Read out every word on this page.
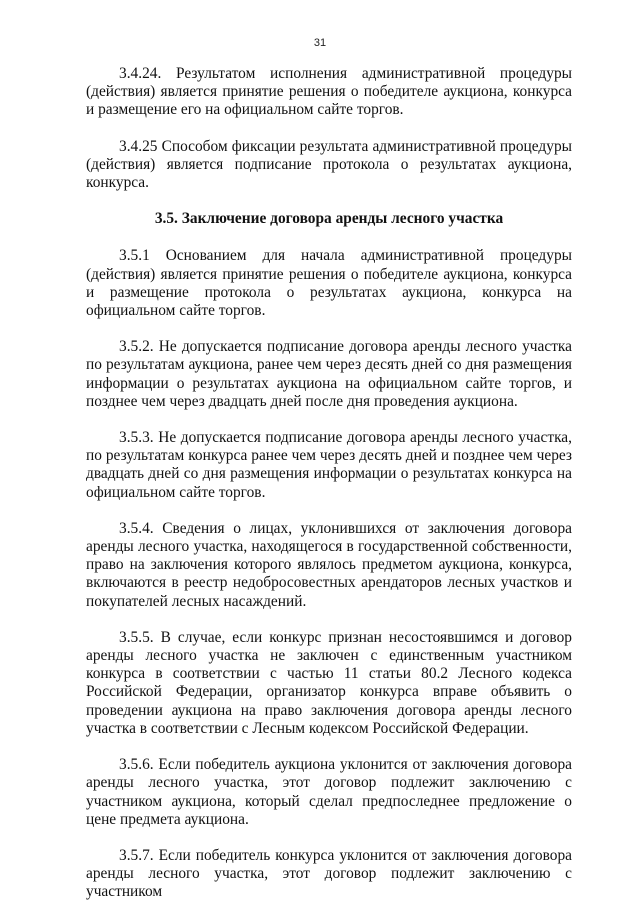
31

3.4.24. Результатом исполнения административной процедуры (действия) является принятие решения о победителе аукциона, конкурса и размещение его на официальном сайте торгов.

3.4.25 Способом фиксации результата административной процедуры (действия) является подписание протокола о результатах аукциона, конкурса.

3.5. Заключение договора аренды лесного участка

3.5.1 Основанием для начала административной процедуры (действия) является принятие решения о победителе аукциона, конкурса и размещение протокола о результатах аукциона, конкурса на официальном сайте торгов.

3.5.2. Не допускается подписание договора аренды лесного участка по результатам аукциона, ранее чем через десять дней со дня размещения информации о результатах аукциона на официальном сайте торгов, и позднее чем через двадцать дней после дня проведения аукциона.

3.5.3. Не допускается подписание договора аренды лесного участка, по результатам конкурса ранее чем через десять дней и позднее чем через двадцать дней со дня размещения информации о результатах конкурса на официальном сайте торгов.

3.5.4. Сведения о лицах, уклонившихся от заключения договора аренды лесного участка, находящегося в государственной собственности, право на заключения которого являлось предметом аукциона, конкурса, включаются в реестр недобросовестных арендаторов лесных участков и покупателей лесных насаждений.

3.5.5. В случае, если конкурс признан несостоявшимся и договор аренды лесного участка не заключен с единственным участником конкурса в соответствии с частью 11 статьи 80.2 Лесного кодекса Российской Федерации, организатор конкурса вправе объявить о проведении аукциона на право заключения договора аренды лесного участка в соответствии с Лесным кодексом Российской Федерации.

3.5.6. Если победитель аукциона уклонится от заключения договора аренды лесного участка, этот договор подлежит заключению с участником аукциона, который сделал предпоследнее предложение о цене предмета аукциона.

3.5.7. Если победитель конкурса уклонится от заключения договора аренды лесного участка, этот договор подлежит заключению с участником
